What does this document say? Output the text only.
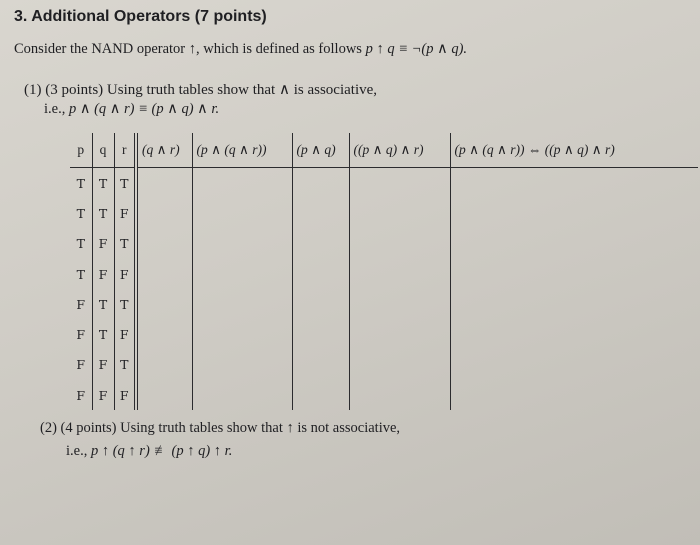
3. Additional Operators (7 points)
Consider the NAND operator ↑, which is defined as follows p ↑ q ≡ ¬(p ∧ q).
(1) (3 points) Using truth tables show that ∧ is associative,
i.e., p ∧ (q ∧ r) ≡ (p ∧ q) ∧ r.
p	q	r	(q ∧ r)	(p ∧ (q ∧ r))	(p ∧ q)	((p ∧ q) ∧ r)	(p ∧ (q ∧ r)) ⇔ ((p ∧ q) ∧ r)
T	T	T					
T	T	F					
T	F	T					
T	F	F					
F	T	T					
F	T	F					
F	F	T					
F	F	F					
(2) (4 points) Using truth tables show that ↑ is not associative,
i.e., p ↑ (q ↑ r) ≢ (p ↑ q) ↑ r.
